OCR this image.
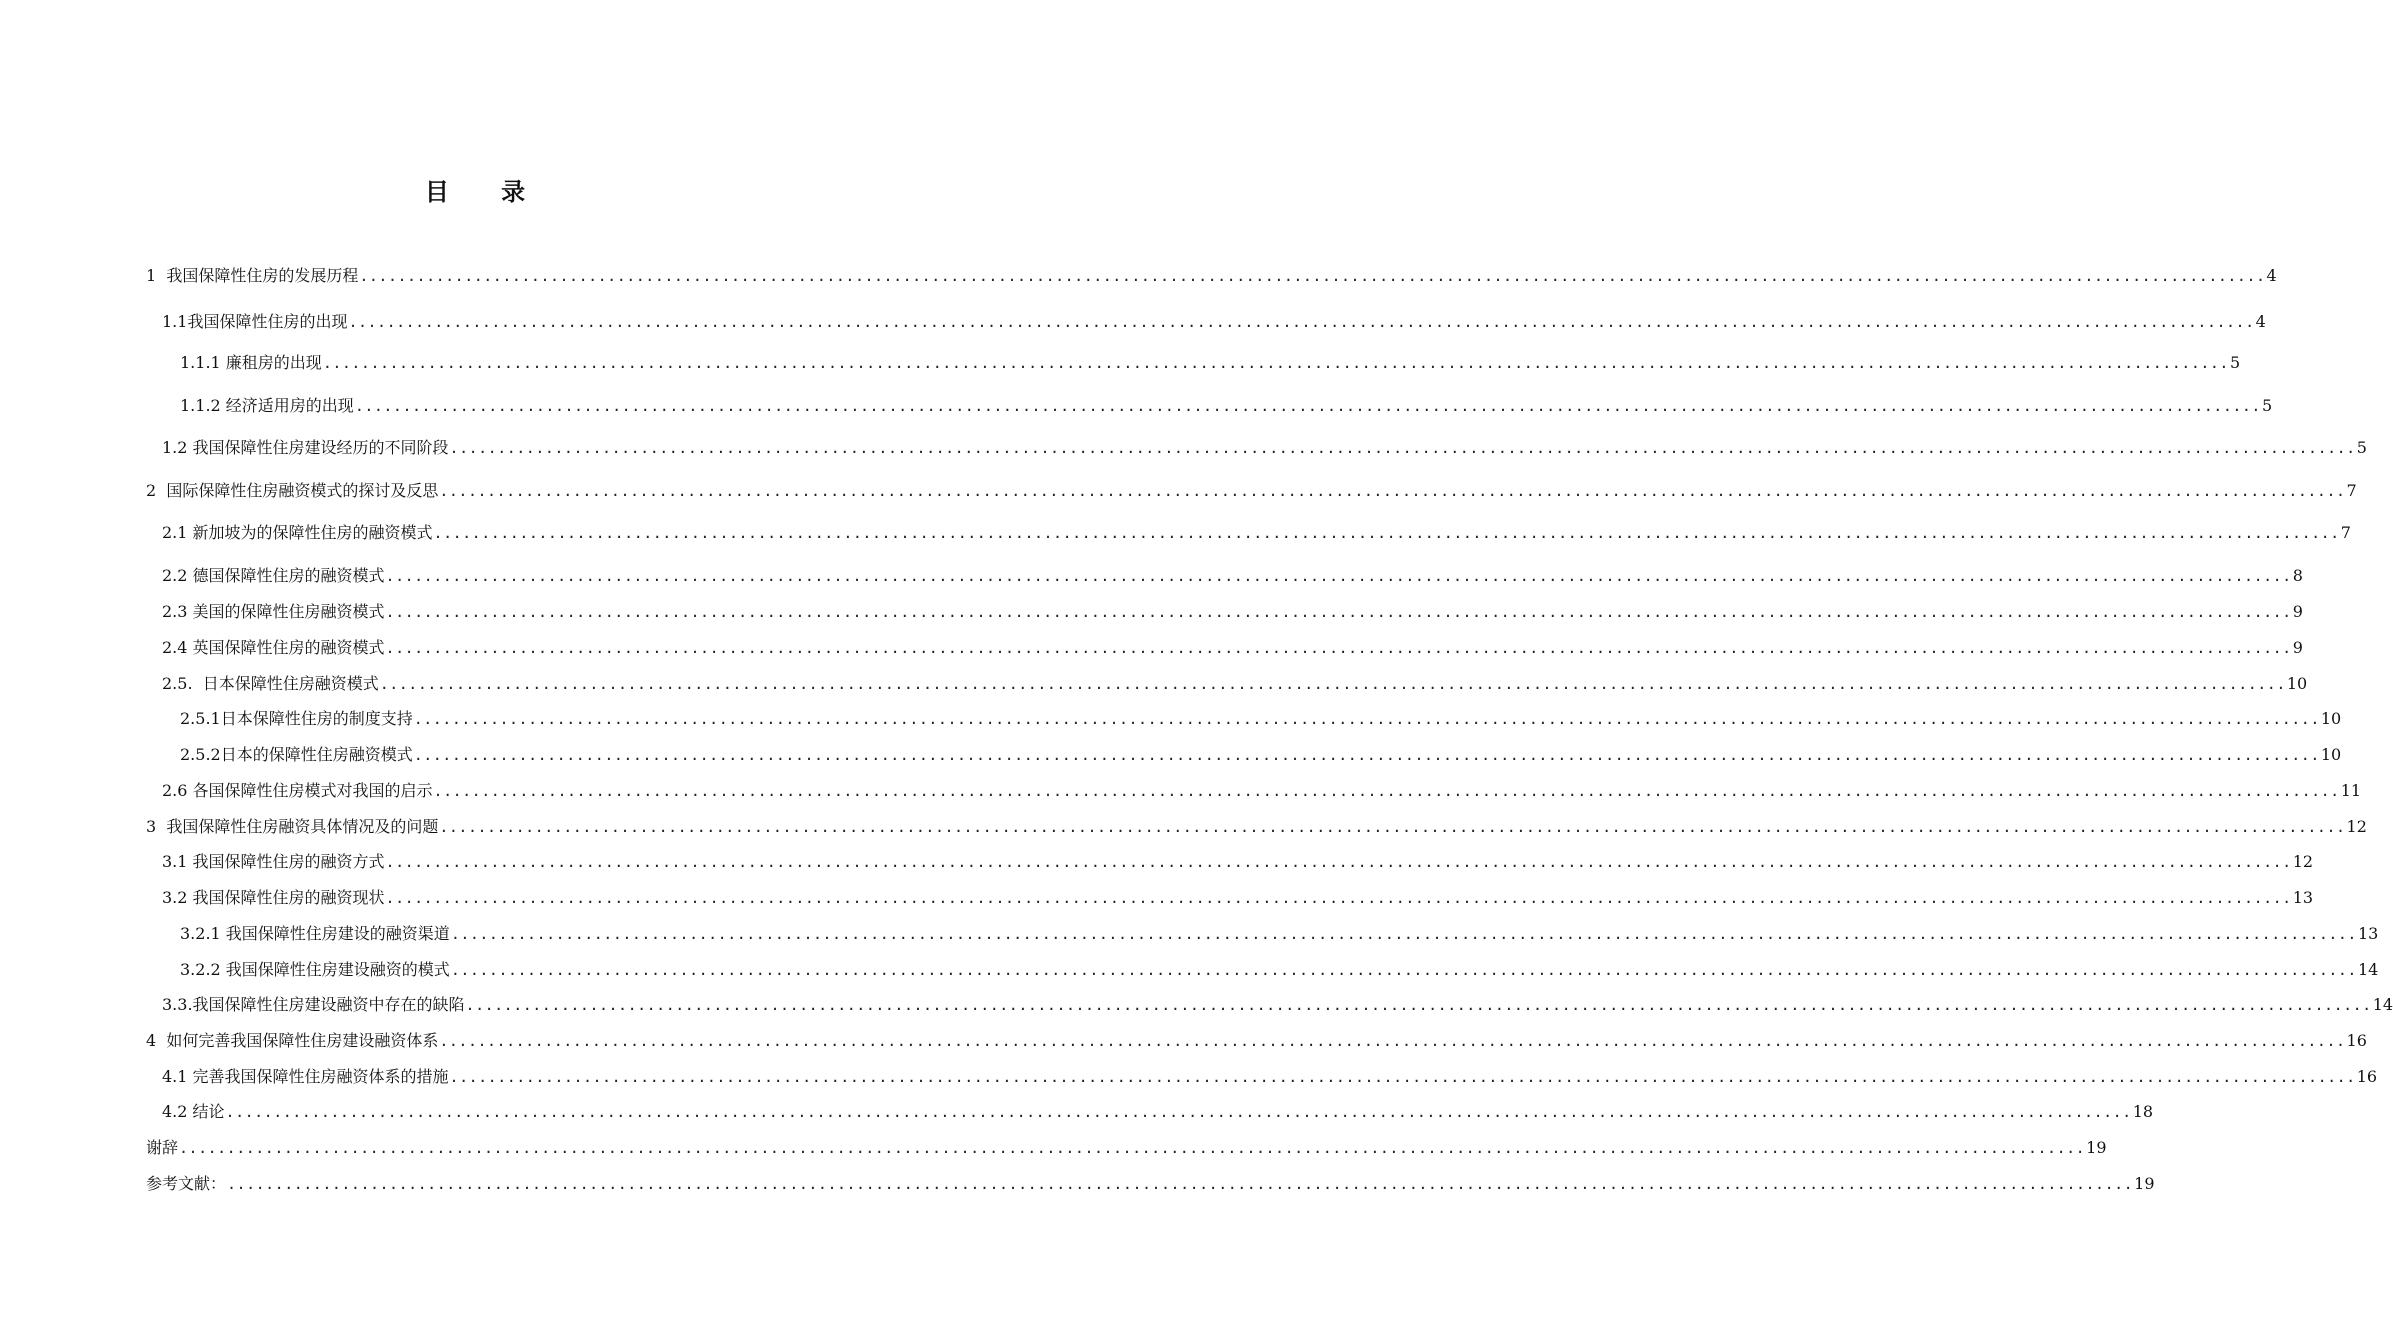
目 录
1  我国保障性住房的发展历程 ........................................................................................................................................................................................................ 4
1.1我国保障性住房的出现 ........................................................................................................................................................................................................ 4
1.1.1 廉租房的出现 ........................................................................................................................................................................................................ 5
1.1.2 经济适用房的出现 ........................................................................................................................................................................................................ 5
1.2 我国保障性住房建设经历的不同阶段 ........................................................................................................................................................................................................ 5
2  国际保障性住房融资模式的探讨及反思 ........................................................................................................................................................................................................ 7
2.1 新加坡为的保障性住房的融资模式 ........................................................................................................................................................................................................ 7
2.2 德国保障性住房的融资模式 ........................................................................................................................................................................................................ 8
2.3 美国的保障性住房融资模式 ........................................................................................................................................................................................................ 9
2.4 英国保障性住房的融资模式 ........................................................................................................................................................................................................ 9
2.5.  日本保障性住房融资模式 ........................................................................................................................................................................................................ 10
2.5.1日本保障性住房的制度支持 ........................................................................................................................................................................................................ 10
2.5.2日本的保障性住房融资模式 ........................................................................................................................................................................................................ 10
2.6 各国保障性住房模式对我国的启示 ........................................................................................................................................................................................................ 11
3  我国保障性住房融资具体情况及的问题 ........................................................................................................................................................................................................ 12
3.1 我国保障性住房的融资方式 ........................................................................................................................................................................................................ 12
3.2 我国保障性住房的融资现状 ........................................................................................................................................................................................................ 13
3.2.1 我国保障性住房建设的融资渠道 ........................................................................................................................................................................................................ 13
3.2.2 我国保障性住房建设融资的模式 ........................................................................................................................................................................................................ 14
3.3.我国保障性住房建设融资中存在的缺陷 ........................................................................................................................................................................................................ 14
4  如何完善我国保障性住房建设融资体系 ........................................................................................................................................................................................................ 16
4.1 完善我国保障性住房融资体系的措施 ........................................................................................................................................................................................................ 16
4.2 结论 ........................................................................................................................................................................................................ 18
谢辞 ........................................................................................................................................................................................................ 19
参考文献： ........................................................................................................................................................................................................ 19
